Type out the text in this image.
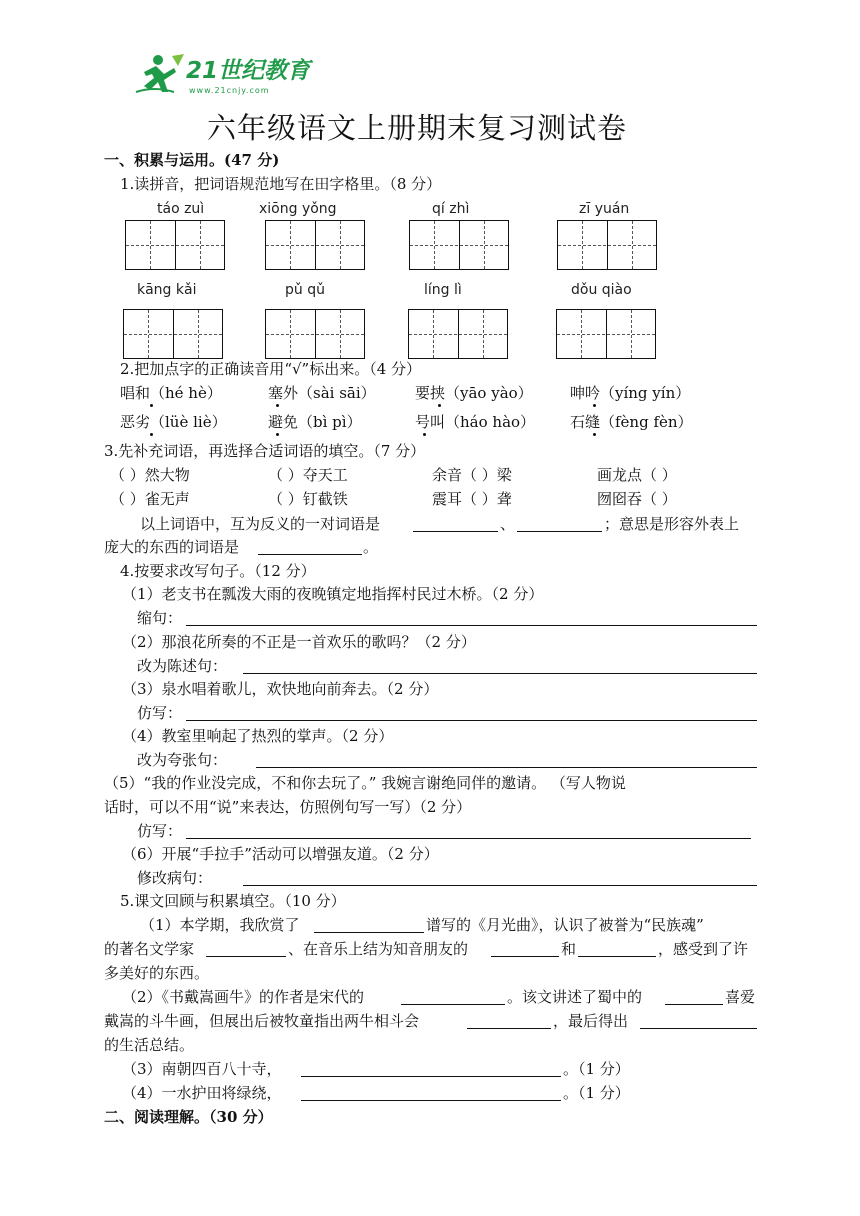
21世纪教育
www.21cnjy.com
六年级语文上册期末复习测试卷
一、积累与运用。(47 分)
1.读拼音，把词语规范地写在田字格里。（8 分）
táo zuì	xiōng yǒng	qí zhì	zī yuán
kāng kǎi	pǔ qǔ	líng lì	dǒu qiào
2.把加点字的正确读音用“√”标出来。（4 分）
唱和（hé hè）	塞外（sài sāi）	要挟（yāo yào） 呻吟（yíng yín）
恶劣（lüè liè）	避免（bì pì）	号叫（háo hào） 石缝（fèng fèn）
3.先补充词语，再选择合适词语的填空。（7 分）
（ ）然大物	（ ）夺天工	余音（ ）梁	画龙点（ ）
（ ）雀无声	（ ）钉截铁	震耳（ ）聋	囫囵吞（ ）
以上词语中，互为反义的一对词语是	、	；意思是形容外表上
庞大的东西的词语是	。
4.按要求改写句子。（12 分）
（1）老支书在瓢泼大雨的夜晚镇定地指挥村民过木桥。（2 分）
缩句：
（2）那浪花所奏的不正是一首欢乐的歌吗？（2 分）
改为陈述句：
（3）泉水唱着歌儿，欢快地向前奔去。（2 分）
仿写：
（4）教室里响起了热烈的掌声。（2 分）
改为夸张句：
（5）“我的作业没完成，不和你去玩了。” 我婉言谢绝同伴的邀请。 （写人物说
话时，可以不用“说”来表达，仿照例句写一写）（2 分）
仿写：
（6）开展“手拉手”活动可以增强友道。（2 分）
修改病句：
5.课文回顾与积累填空。（10 分）
（1）本学期，我欣赏了	谱写的《月光曲》，认识了被誉为“民族魂”
的著名文学家	、在音乐上结为知音朋友的	和	，感受到了许
多美好的东西。
（2）《书戴嵩画牛》的作者是宋代的	。该文讲述了蜀中的	喜爱
戴嵩的斗牛画，但展出后被牧童指出两牛相斗会	，最后得出
的生活总结。
（3）南朝四百八十寺，	。（1 分）
（4）一水护田将绿绕，	。（1 分）
二、阅读理解。（30 分）
